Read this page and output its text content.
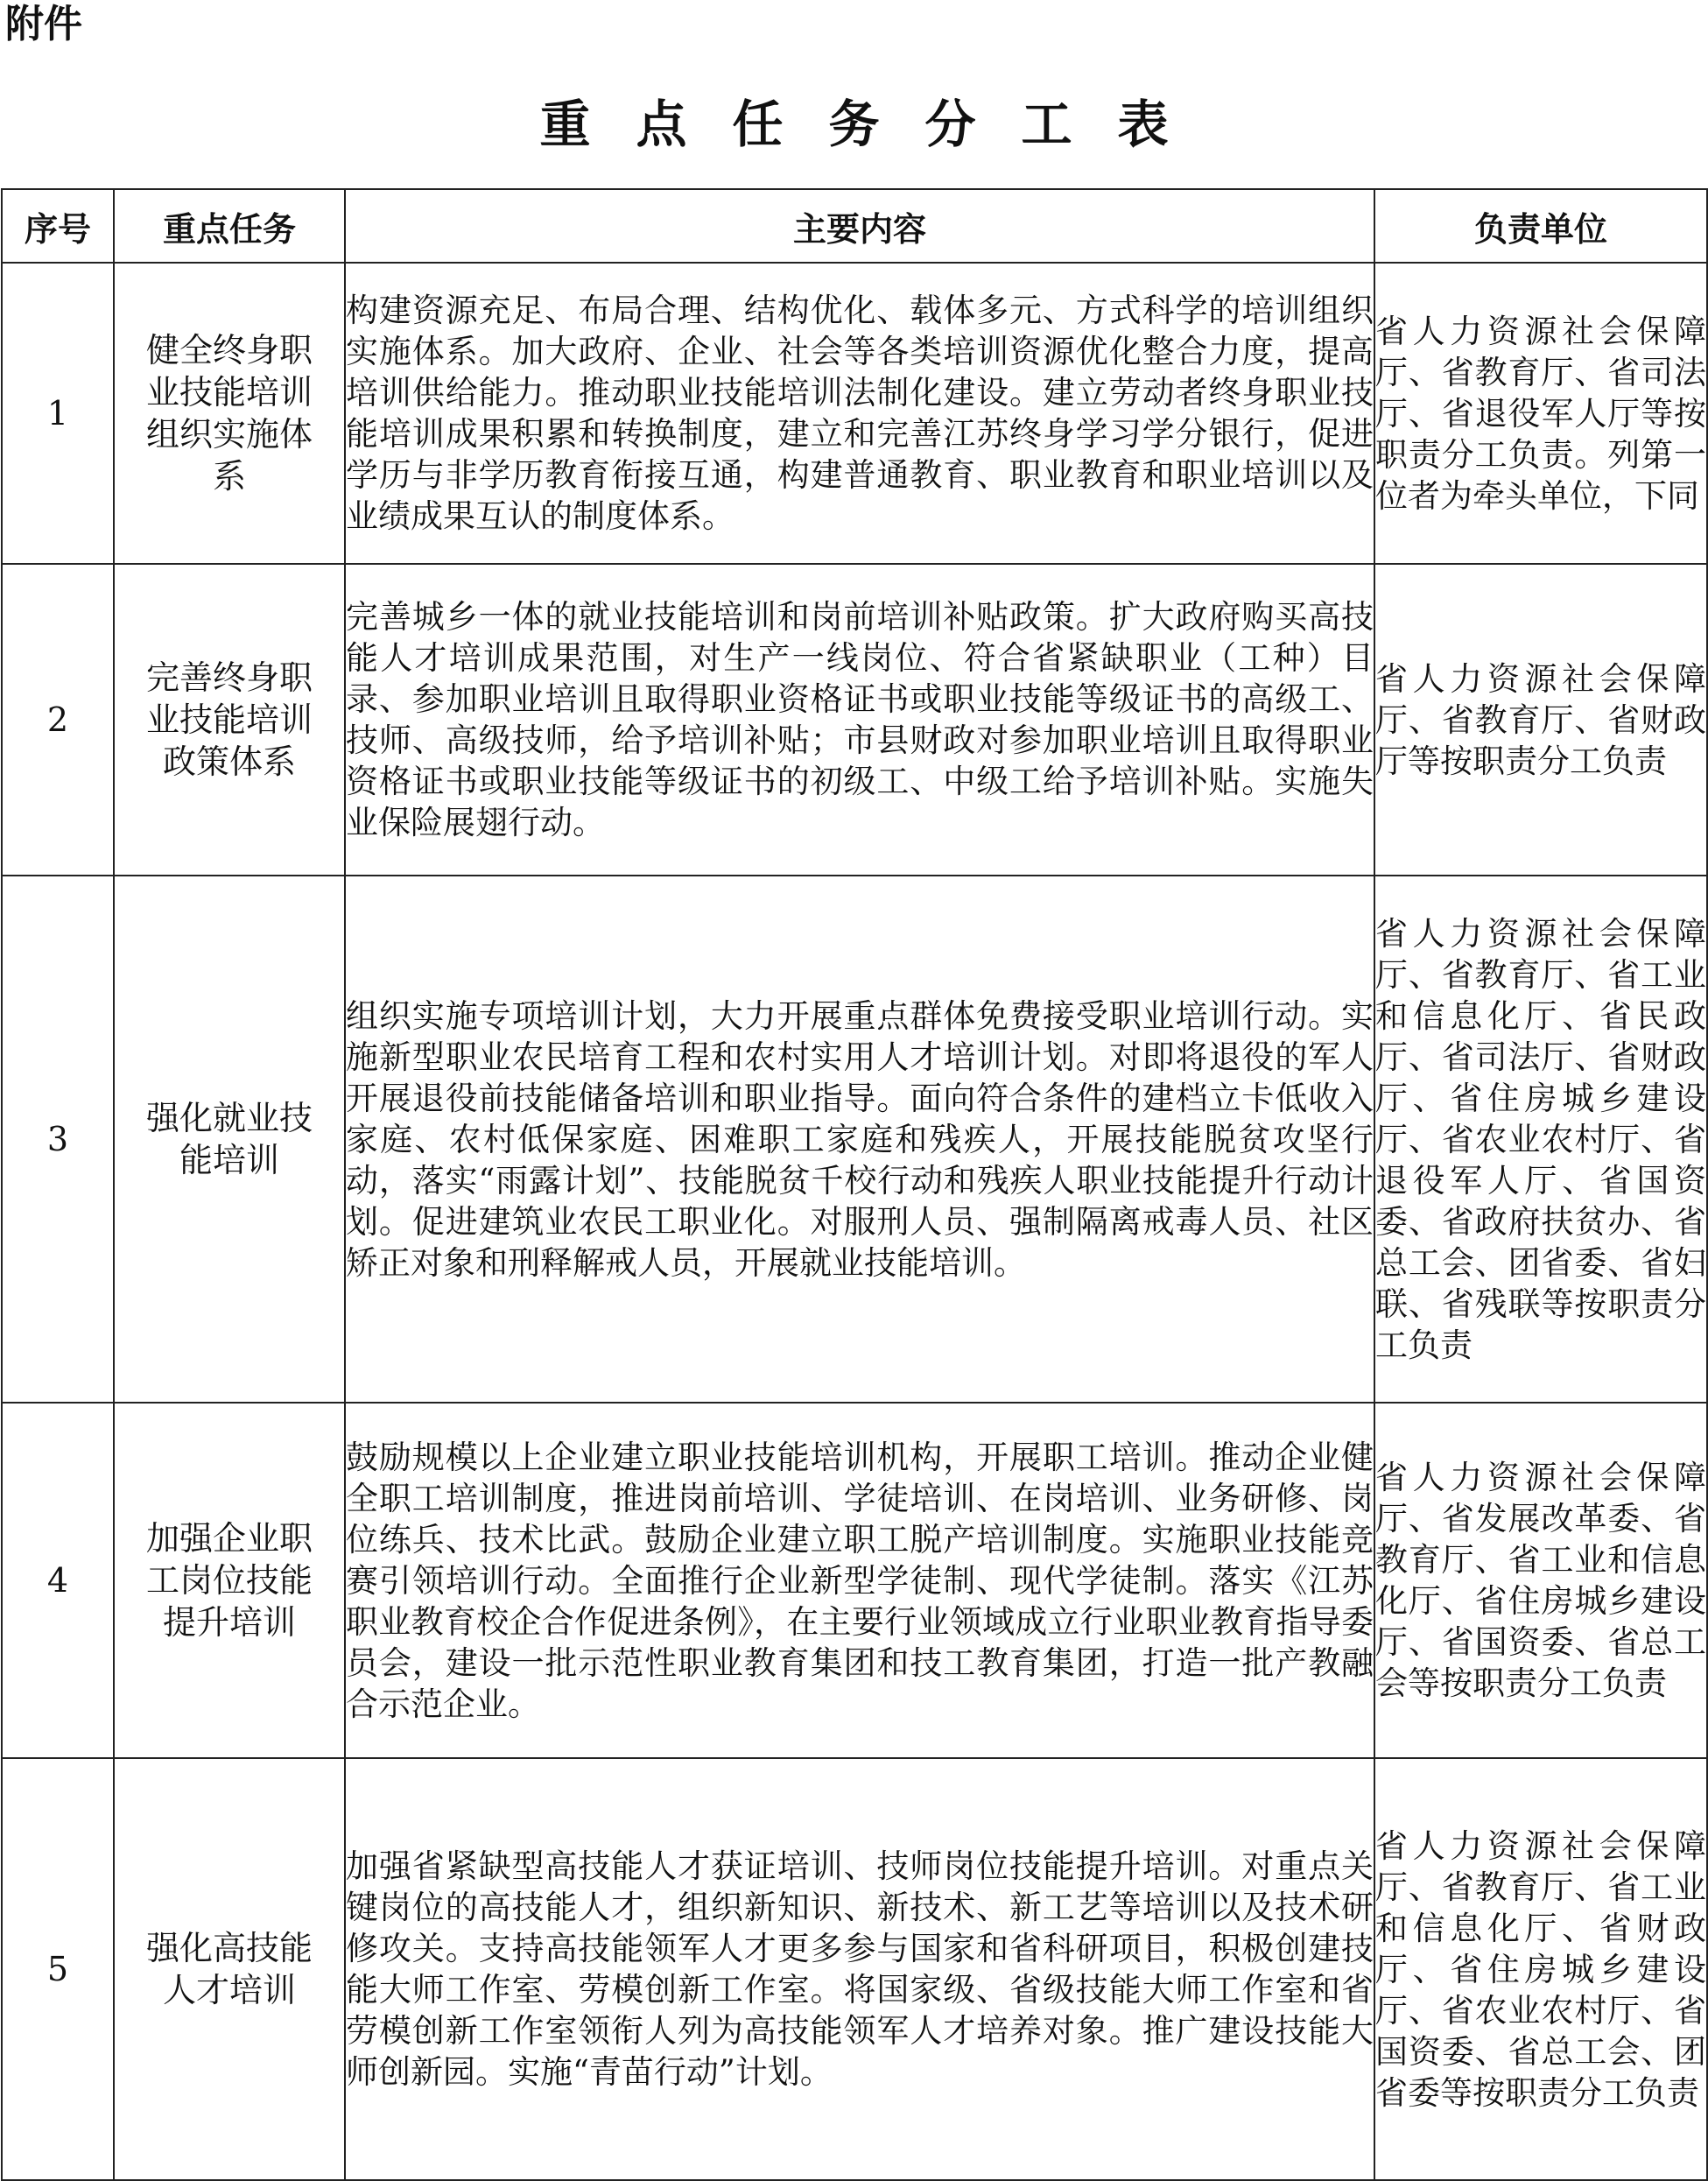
附件
重点任务分工表
序号	重点任务	主要内容	负责单位
1	健全终身职业技能培训组织实施体系	构建资源充足、布局合理、结构优化、载体多元、方式科学的培训组织实施体系。加大政府、企业、社会等各类培训资源优化整合力度，提高培训供给能力。推动职业技能培训法制化建设。建立劳动者终身职业技能培训成果积累和转换制度，建立和完善江苏终身学习学分银行，促进学历与非学历教育衔接互通，构建普通教育、职业教育和职业培训以及业绩成果互认的制度体系。	省人力资源社会保障厅、省教育厅、省司法厅、省退役军人厅等按职责分工负责。列第一位者为牵头单位，下同
2	完善终身职业技能培训政策体系	完善城乡一体的就业技能培训和岗前培训补贴政策。扩大政府购买高技能人才培训成果范围，对生产一线岗位、符合省紧缺职业（工种）目录、参加职业培训且取得职业资格证书或职业技能等级证书的高级工、技师、高级技师，给予培训补贴；市县财政对参加职业培训且取得职业资格证书或职业技能等级证书的初级工、中级工给予培训补贴。实施失业保险展翅行动。	省人力资源社会保障厅、省教育厅、省财政厅等按职责分工负责
3	强化就业技能培训	组织实施专项培训计划，大力开展重点群体免费接受职业培训行动。实施新型职业农民培育工程和农村实用人才培训计划。对即将退役的军人开展退役前技能储备培训和职业指导。面向符合条件的建档立卡低收入家庭、农村低保家庭、困难职工家庭和残疾人，开展技能脱贫攻坚行动，落实“雨露计划”、技能脱贫千校行动和残疾人职业技能提升行动计划。促进建筑业农民工职业化。对服刑人员、强制隔离戒毒人员、社区矫正对象和刑释解戒人员，开展就业技能培训。	省人力资源社会保障厅、省教育厅、省工业和信息化厅、省民政厅、省司法厅、省财政厅、省住房城乡建设厅、省农业农村厅、省退役军人厅、省国资委、省政府扶贫办、省总工会、团省委、省妇联、省残联等按职责分工负责
4	加强企业职工岗位技能提升培训	鼓励规模以上企业建立职业技能培训机构，开展职工培训。推动企业健全职工培训制度，推进岗前培训、学徒培训、在岗培训、业务研修、岗位练兵、技术比武。鼓励企业建立职工脱产培训制度。实施职业技能竞赛引领培训行动。全面推行企业新型学徒制、现代学徒制。落实《江苏职业教育校企合作促进条例》，在主要行业领域成立行业职业教育指导委员会，建设一批示范性职业教育集团和技工教育集团，打造一批产教融合示范企业。	省人力资源社会保障厅、省发展改革委、省教育厅、省工业和信息化厅、省住房城乡建设厅、省国资委、省总工会等按职责分工负责
5	强化高技能人才培训	加强省紧缺型高技能人才获证培训、技师岗位技能提升培训。对重点关键岗位的高技能人才，组织新知识、新技术、新工艺等培训以及技术研修攻关。支持高技能领军人才更多参与国家和省科研项目，积极创建技能大师工作室、劳模创新工作室。将国家级、省级技能大师工作室和省劳模创新工作室领衔人列为高技能领军人才培养对象。推广建设技能大师创新园。实施“青苗行动”计划。	省人力资源社会保障厅、省教育厅、省工业和信息化厅、省财政厅、省住房城乡建设厅、省农业农村厅、省国资委、省总工会、团省委等按职责分工负责
